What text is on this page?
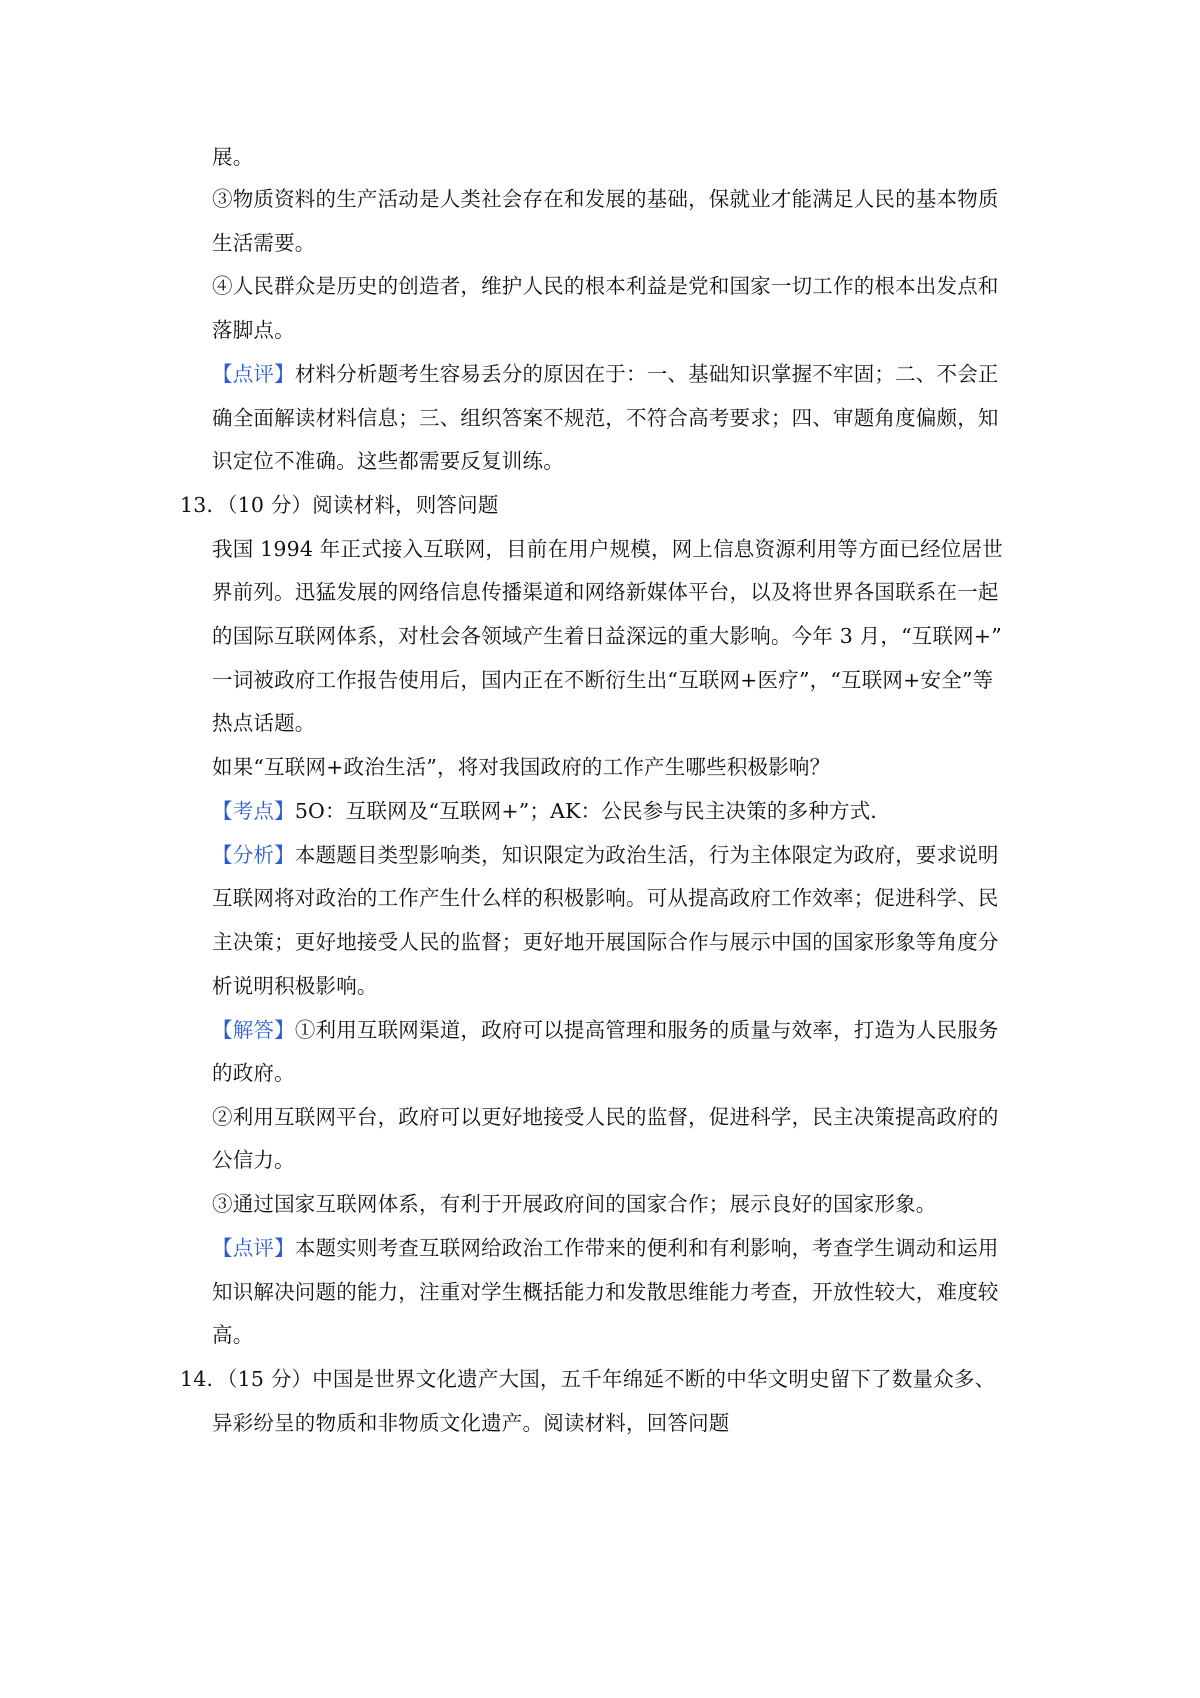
展。
③物质资料的生产活动是人类社会存在和发展的基础，保就业才能满足人民的基本物质
生活需要。
④人民群众是历史的创造者，维护人民的根本利益是党和国家一切工作的根本出发点和
落脚点。
【点评】材料分析题考生容易丢分的原因在于：一、基础知识掌握不牢固；二、不会正
确全面解读材料信息；三、组织答案不规范，不符合高考要求；四、审题角度偏颇，知
识定位不准确。这些都需要反复训练。
13．（10 分）阅读材料，则答问题
我国 1994 年正式接入互联网，目前在用户规模，网上信息资源利用等方面已经位居世
界前列。迅猛发展的网络信息传播渠道和网络新媒体平台，以及将世界各国联系在一起
的国际互联网体系，对杜会各领域产生着日益深远的重大影响。今年 3 月，“互联网+”
一词被政府工作报告使用后，国内正在不断衍生出“互联网+医疗”，“互联网+安全”等
热点话题。
如果“互联网+政治生活”，将对我国政府的工作产生哪些积极影响？
【考点】5O：互联网及“互联网+”；AK：公民参与民主决策的多种方式．
【分析】本题题目类型影响类，知识限定为政治生活，行为主体限定为政府，要求说明
互联网将对政治的工作产生什么样的积极影响。可从提高政府工作效率；促进科学、民
主决策；更好地接受人民的监督；更好地开展国际合作与展示中国的国家形象等角度分
析说明积极影响。
【解答】①利用互联网渠道，政府可以提高管理和服务的质量与效率，打造为人民服务
的政府。
②利用互联网平台，政府可以更好地接受人民的监督，促进科学，民主决策提高政府的
公信力。
③通过国家互联网体系，有利于开展政府间的国家合作；展示良好的国家形象。
【点评】本题实则考查互联网给政治工作带来的便利和有利影响，考查学生调动和运用
知识解决问题的能力，注重对学生概括能力和发散思维能力考查，开放性较大，难度较
高。
14．（15 分）中国是世界文化遗产大国，五千年绵延不断的中华文明史留下了数量众多、
异彩纷呈的物质和非物质文化遗产。阅读材料，回答问题
